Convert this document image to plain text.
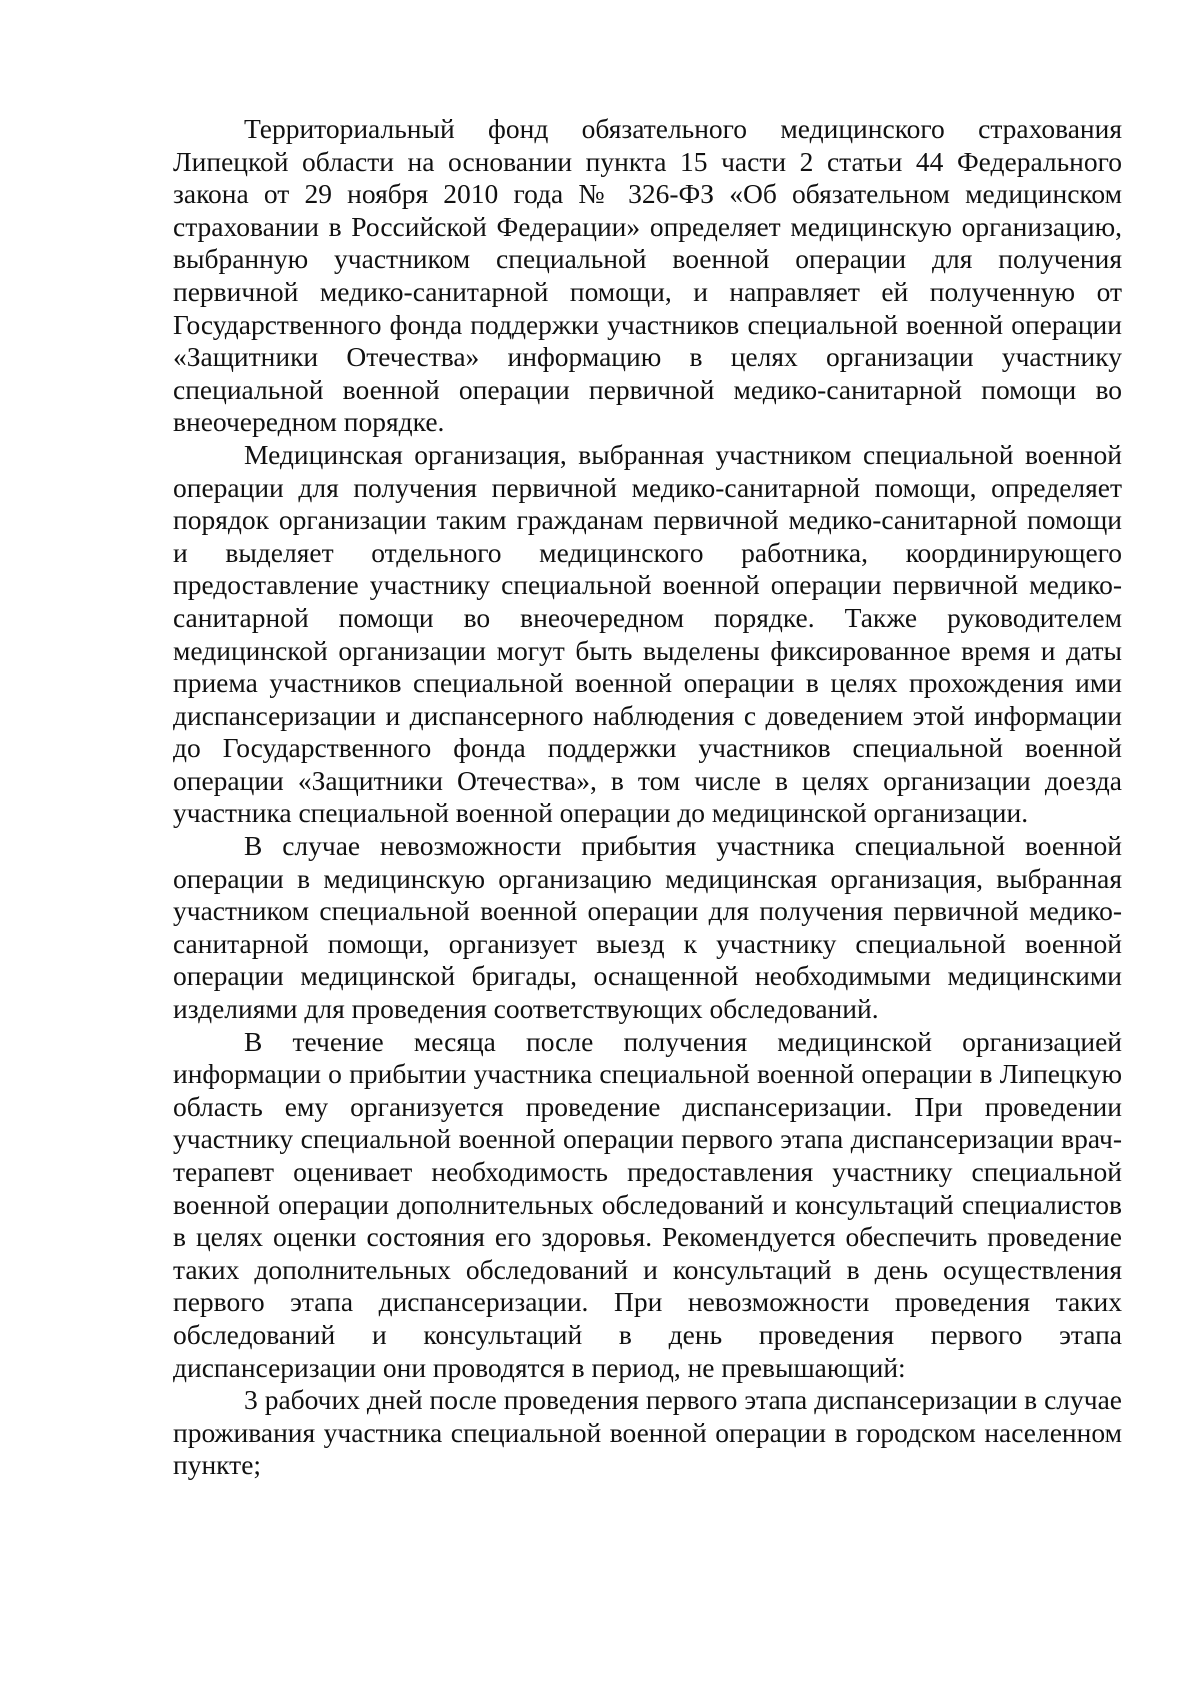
Территориальный фонд обязательного медицинского страхования Липецкой области на основании пункта 15 части 2 статьи 44 Федерального закона от 29 ноября 2010 года № 326-ФЗ «Об обязательном медицинском страховании в Российской Федерации» определяет медицинскую организацию, выбранную участником специальной военной операции для получения первичной медико-санитарной помощи, и направляет ей полученную от Государственного фонда поддержки участников специальной военной операции «Защитники Отечества» информацию в целях организации участнику специальной военной операции первичной медико-санитарной помощи во внеочередном порядке.

Медицинская организация, выбранная участником специальной военной операции для получения первичной медико-санитарной помощи, определяет порядок организации таким гражданам первичной медико-санитарной помощи и выделяет отдельного медицинского работника, координирующего предоставление участнику специальной военной операции первичной медико-санитарной помощи во внеочередном порядке. Также руководителем медицинской организации могут быть выделены фиксированное время и даты приема участников специальной военной операции в целях прохождения ими диспансеризации и диспансерного наблюдения с доведением этой информации до Государственного фонда поддержки участников специальной военной операции «Защитники Отечества», в том числе в целях организации доезда участника специальной военной операции до медицинской организации.

В случае невозможности прибытия участника специальной военной операции в медицинскую организацию медицинская организация, выбранная участником специальной военной операции для получения первичной медико-санитарной помощи, организует выезд к участнику специальной военной операции медицинской бригады, оснащенной необходимыми медицинскими изделиями для проведения соответствующих обследований.

В течение месяца после получения медицинской организацией информации о прибытии участника специальной военной операции в Липецкую область ему организуется проведение диспансеризации. При проведении участнику специальной военной операции первого этапа диспансеризации врач-терапевт оценивает необходимость предоставления участнику специальной военной операции дополнительных обследований и консультаций специалистов в целях оценки состояния его здоровья. Рекомендуется обеспечить проведение таких дополнительных обследований и консультаций в день осуществления первого этапа диспансеризации. При невозможности проведения таких обследований и консультаций в день проведения первого этапа диспансеризации они проводятся в период, не превышающий:

3 рабочих дней после проведения первого этапа диспансеризации в случае проживания участника специальной военной операции в городском населенном пункте;
